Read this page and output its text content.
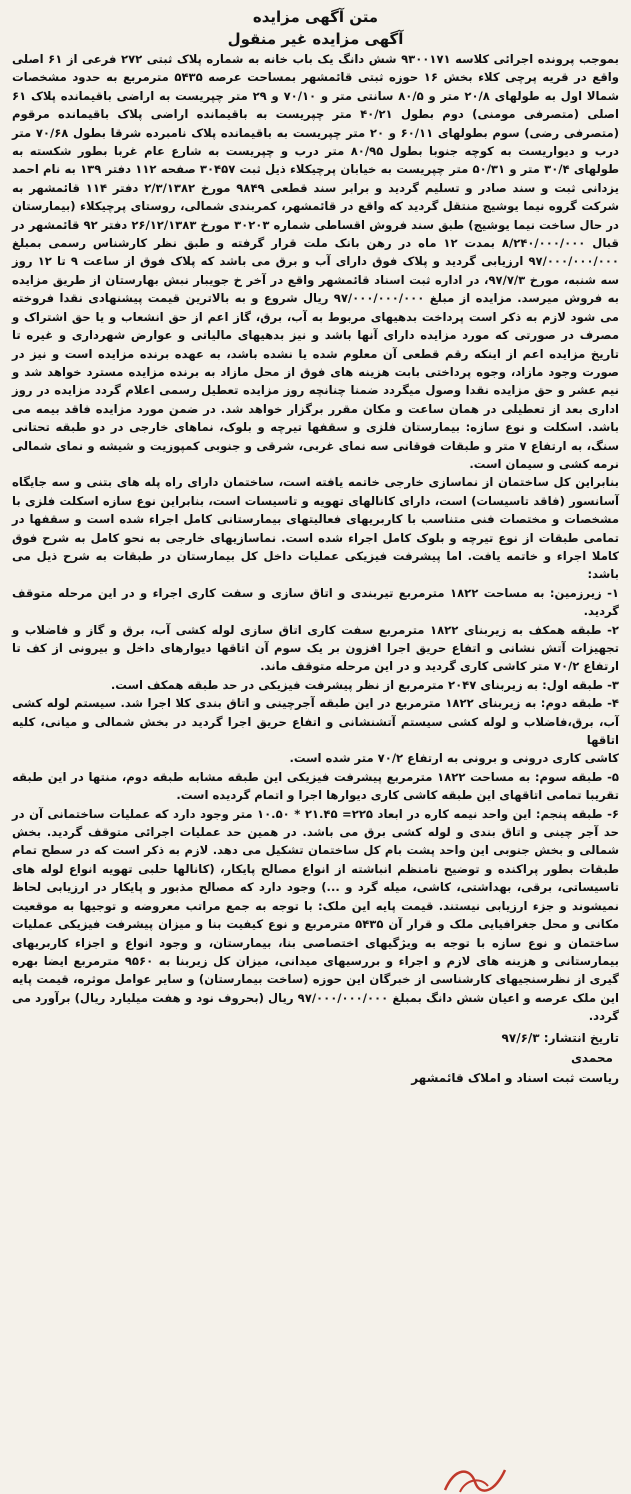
متن آگهی مزایده
آگهی مزایده غیر منقول

بموجب پرونده اجرائی کلاسه ۹۳۰۰۱۷۱ شش دانگ یک باب خانه به شماره پلاک ثبتی ۲۷۲ فرعی از ۶۱ اصلی واقع در قریه پرچی کلاء بخش ۱۶ حوزه ثبتی قائمشهر بمساحت عرصه ۵۴۳۵ مترمربع به حدود مشخصات شمالا اول به طولهای ۲۰/۸ متر و ۸۰/۵ سانتی متر و ۷۰/۱۰ و ۲۹ متر چپریست به اراضی باقیمانده پلاک ۶۱ اصلی (متصرفی مومنی) دوم بطول ۴۰/۲۱ متر چپریست به باقیمانده اراضی پلاک باقیمانده مرقوم (متصرفی رضی) سوم بطولهای ۶۰/۱۱ و ۲۰ متر چپریست به باقیمانده پلاک نامبرده شرقا بطول ۷۰/۶۸ متر درب و دیواریست به کوچه جنوبا بطول ۸۰/۹۵ متر درب و چپریست به شارع عام غربا بطور شکسته به طولهای ۳۰/۴ متر و ۵۰/۳۱ متر چپریست به خیابان پرچیکلاء ذیل ثبت ۳۰۴۵۷ صفحه ۱۱۲ دفتر ۱۳۹ به نام احمد یزدانی ثبت و سند صادر و تسلیم گردید و برابر سند قطعی ۹۸۴۹ مورخ ۲/۳/۱۳۸۲ دفتر ۱۱۴ قائمشهر به شرکت گروه نیما یوشیج منتقل گردید که واقع در قائمشهر، کمربندی شمالی، روستای پرچیکلاء (بیمارستان در حال ساخت نیما یوشیج) طبق سند فروش اقساطی شماره ۳۰۲۰۳ مورخ ۲۶/۱۲/۱۳۸۳ دفتر ۹۲ قائمشهر در قبال ۸/۲۴۰/۰۰۰/۰۰۰ بمدت ۱۲ ماه در رهن بانک ملت قرار گرفته و طبق نظر کارشناس رسمی بمبلغ ۹۷/۰۰۰/۰۰۰/۰۰۰ ارزیابی گردید و پلاک فوق دارای آب و برق می باشد که پلاک فوق از ساعت ۹ تا ۱۲ روز سه شنبه، مورخ ۹۷/۷/۳، در اداره ثبت اسناد قائمشهر واقع در آخر خ جویبار نبش بهارستان از طریق مزایده به فروش میرسد. مزایده از مبلغ ۹۷/۰۰۰/۰۰۰/۰۰۰ ریال شروع و به بالاترین قیمت پیشنهادی نقدا فروخته می شود لازم به ذکر است پرداخت بدهیهای مربوط به آب، برق، گاز اعم از حق انشعاب و یا حق اشتراک و مصرف در صورتی که مورد مزایده دارای آنها باشد و نیز بدهیهای مالیاتی و عوارض شهرداری و غیره تا تاریخ مزایده اعم از اینکه رقم قطعی آن معلوم شده یا نشده باشد، به عهده برنده مزایده است و نیز در صورت وجود مازاد، وجوه پرداختی بابت هزینه های فوق از محل مازاد به برنده مزایده مسترد خواهد شد و نیم عشر و حق مزایده نقدا وصول میگردد ضمنا چنانچه روز مزایده تعطیل رسمی اعلام گردد مزایده در روز اداری بعد از تعطیلی در همان ساعت و مکان مقرر برگزار خواهد شد. در ضمن مورد مزایده فاقد بیمه می باشد. اسکلت و نوع سازه: بیمارستان فلزی و سقفها تیرچه و بلوک، نماهای خارجی در دو طبقه تحتانی سنگ، به ارتفاع ۷ متر و طبقات فوقانی سه نمای غربی، شرقی و جنوبی کمپوزیت و شیشه و نمای شمالی نرمه کشی و سیمان است.

بنابراین کل ساختمان از نماسازی خارجی خاتمه یافته است، ساختمان دارای راه پله های بتنی و سه جایگاه آسانسور (فاقد تاسیسات) است، دارای کانالهای تهویه و تاسیسات است، بنابراین نوع سازه اسکلت فلزی با مشخصات و مختصات فنی متناسب با کاربریهای فعالیتهای بیمارستانی کامل اجراء شده است و سقفها در تمامی طبقات از نوع تیرچه و بلوک کامل اجراء شده است. نماسازیهای خارجی به نحو کامل به شرح فوق کاملا اجراء و خاتمه یافت. اما پیشرفت فیزیکی عملیات داخل کل بیمارستان در طبقات به شرح ذیل می باشد:

۱- زیرزمین: به مساحت ۱۸۲۲ مترمربع تیربندی و اتاق سازی و سفت کاری اجراء و در این مرحله متوقف گردید.

۲- طبقه همکف به زیربنای ۱۸۲۲ مترمربع سفت کاری اتاق سازی لوله کشی آب، برق و گاز و فاضلاب و تجهیزات آتش نشانی و اتفاع حریق اجرا افزون بر یک سوم آن اتاقها دیوارهای داخل و بیرونی از کف تا ارتفاع ۷۰/۲ متر کاشی کاری گردید و در این مرحله متوقف ماند.

۳- طبقه اول: به زیربنای ۲۰۴۷ مترمربع از نظر پیشرفت فیزیکی در حد طبقه همکف است.

۴- طبقه دوم: به زیربنای ۱۸۲۲ مترمربع در این طبقه آجرچینی و اتاق بندی کلا اجرا شد. سیستم لوله کشی آب، برق،فاضلاب و لوله کشی سیستم آتشنشانی و اتفاع حریق اجرا گردید در بخش شمالی و میانی، کلیه اتاقها

کاشی کاری درونی و برونی به ارتفاع ۷۰/۲ متر شده است.

۵- طبقه سوم: به مساحت ۱۸۲۲ مترمربع پیشرفت فیزیکی این طبقه مشابه طبقه دوم، منتها در این طبقه تقریبا تمامی اتاقهای این طبقه کاشی کاری دیوارها اجرا و اتمام گردیده است.

۶- طبقه پنجم: این واحد نیمه کاره در ابعاد ۲۲۵= ۲۱.۴۵ * ۱۰.۵۰ متر وجود دارد که عملیات ساختمانی آن در حد آجر چینی و اتاق بندی و لوله کشی برق می باشد. در همین حد عملیات اجرائی متوقف گردید. بخش شمالی و بخش جنوبی این واحد پشت بام کل ساختمان تشکیل می دهد. لازم به ذکر است که در سطح تمام طبقات بطور پراکنده و توضیح نامنظم انباشته از انواع مصالح پایکار، (کانالها حلبی تهویه انواع لوله های تاسیساتی، برقی، بهداشتی، کاشی، میله گرد و ...) وجود دارد که مصالح مذبور و پایکار در ارزیابی لحاظ نمیشوند و جزء ارزیابی نیستند. قیمت پایه این ملک: با توجه به جمع مراتب معروضه و توجیها به موقعیت مکانی و محل جغرافیایی ملک و قرار آن ۵۴۳۵ مترمربع و نوع کیفیت بنا و میزان پیشرفت فیزیکی عملیات ساختمان و نوع سازه با توجه به ویژگیهای اختصاصی بنا، بیمارستان، و وجود انواع و اجزاء کاربریهای بیمارستانی و هزینه های لازم و اجراء و بررسیهای میدانی، میزان کل زیربنا به ۹۵۶۰ مترمربع ایضا بهره گیری از نظرسنجیهای کارشناسی از خبرگان این حوزه (ساخت بیمارستان) و سایر عوامل موثره، قیمت پایه این ملک عرصه و اعیان شش دانگ بمبلغ ۹۷/۰۰۰/۰۰۰/۰۰۰ ریال (بحروف نود و هفت میلیارد ریال) برآورد می گردد.

تاریخ انتشار: ۹۷/۶/۳
محمدی
ریاست ثبت اسناد و املاک قائمشهر
